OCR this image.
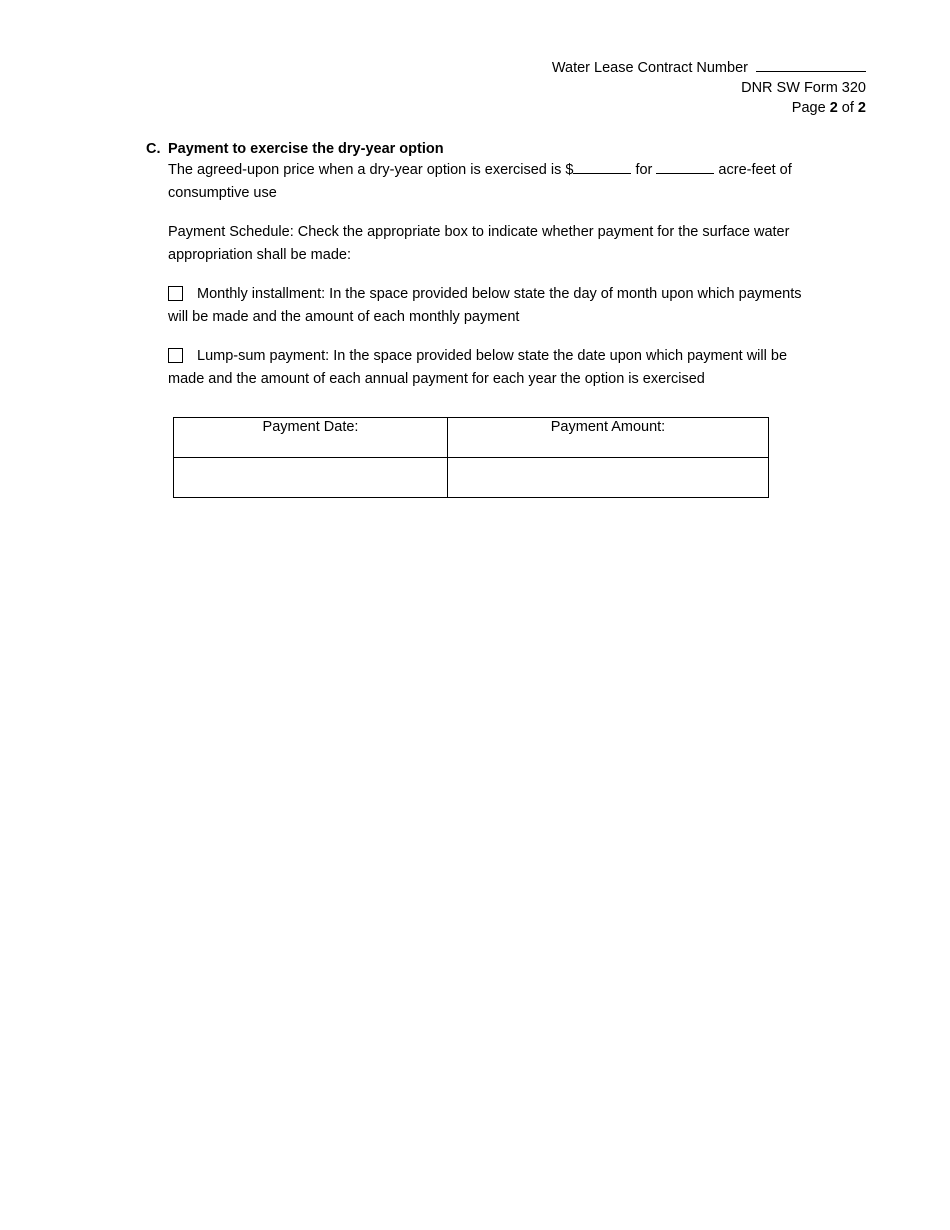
Water Lease Contract Number
DNR SW Form 320
Page 2 of 2
C. Payment to exercise the dry-year option

The agreed-upon price when a dry-year option is exercised is $	for	acre-feet of consumptive use

Payment Schedule: Check the appropriate box to indicate whether payment for the surface water appropriation shall be made:

Monthly installment: In the space provided below state the day of month upon which payments will be made and the amount of each monthly payment

Lump-sum payment: In the space provided below state the date upon which payment will be made and the amount of each annual payment for each year the option is exercised

Payment Date:	Payment Amount:
